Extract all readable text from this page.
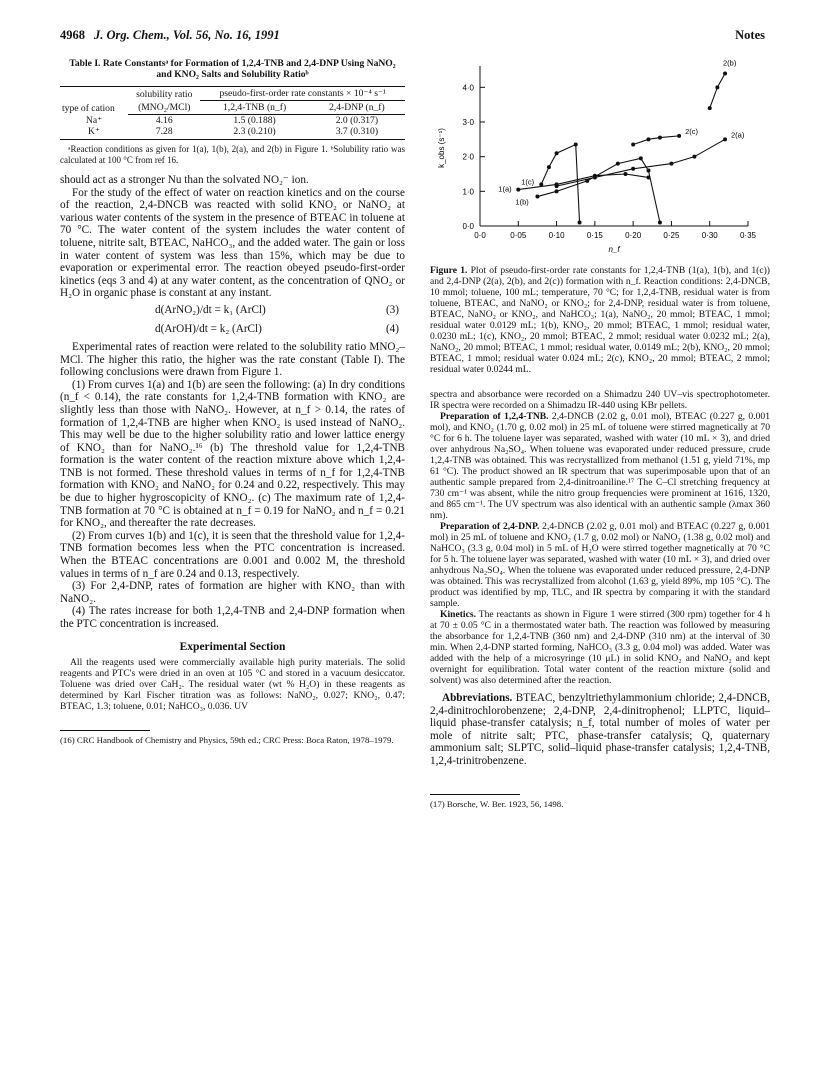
4968 J. Org. Chem., Vol. 56, No. 16, 1991	Notes
Table I. Rate Constantsᵃ for Formation of 1,2,4-TNB and 2,4-DNP Using NaNO₂ and KNO₂ Salts and Solubility Ratioᵇ
type of cation	solubility ratio	pseudo-first-order rate constants × 10⁻⁴ s⁻¹	
	(MNO₂/MCl)	1,2,4-TNB (n_f)	2,4-DNP (n_f)
Na⁺	4.16	1.5 (0.188)	2.0 (0.317)
K⁺	7.28	2.3 (0.210)	3.7 (0.310)

ᵃReaction conditions as given for 1(a), 1(b), 2(a), and 2(b) in Figure 1. ᵇSolubility ratio was calculated at 100 °C from ref 16.

should act as a stronger Nu than the solvated NO₂⁻ ion.

For the study of the effect of water on reaction kinetics and on the course of the reaction, 2,4-DNCB was reacted with solid KNO₂ or NaNO₂ at various water contents of the system in the presence of BTEAC in toluene at 70 °C. The water content of the system includes the water content of toluene, nitrite salt, BTEAC, NaHCO₃, and the added water. The gain or loss in water content of system was less than 15%, which may be due to evaporation or experimental error. The reaction obeyed pseudo-first-order kinetics (eqs 3 and 4) at any water content, as the concentration of QNO₂ or H₂O in organic phase is constant at any instant.

d(ArNO₂)/dt = k₁ (ArCl)	(3)
d(ArOH)/dt = k₂ (ArCl)	(4)

Experimental rates of reaction were related to the solubility ratio MNO₂–MCl. The higher this ratio, the higher was the rate constant (Table I). The following conclusions were drawn from Figure 1.

(1) From curves 1(a) and 1(b) are seen the following: (a) In dry conditions (n_f < 0.14), the rate constants for 1,2,4-TNB formation with KNO₂ are slightly less than those with NaNO₂. However, at n_f > 0.14, the rates of formation of 1,2,4-TNB are higher when KNO₂ is used instead of NaNO₂. This may well be due to the higher solubility ratio and lower lattice energy of KNO₂ than for NaNO₂.¹⁶ (b) The threshold value for 1,2,4-TNB formation is the water content of the reaction mixture above which 1,2,4-TNB is not formed. These threshold values in terms of n_f for 1,2,4-TNB formation with KNO₂ and NaNO₂ for 0.24 and 0.22, respectively. This may be due to higher hygroscopicity of KNO₂. (c) The maximum rate of 1,2,4-TNB formation at 70 °C is obtained at n_f = 0.19 for NaNO₂ and n_f = 0.21 for KNO₂, and thereafter the rate decreases.

(2) From curves 1(b) and 1(c), it is seen that the threshold value for 1,2,4-TNB formation becomes less when the PTC concentration is increased. When the BTEAC concentrations are 0.001 and 0.002 M, the threshold values in terms of n_f are 0.24 and 0.13, respectively.

(3) For 2,4-DNP, rates of formation are higher with KNO₂ than with NaNO₂.

(4) The rates increase for both 1,2,4-TNB and 2,4-DNP formation when the PTC concentration is increased.

Experimental Section

All the reagents used were commercially available high purity materials. The solid reagents and PTC's were dried in an oven at 105 °C and stored in a vacuum desiccator. Toluene was dried over CaH₂. The residual water (wt % H₂O) in these reagents as determined by Karl Fischer titration was as follows: NaNO₂, 0.027; KNO₂, 0.47; BTEAC, 1.3; toluene, 0.01; NaHCO₃, 0.036. UV

(16) CRC Handbook of Chemistry and Physics, 59th ed.; CRC Press: Boca Raton, 1978–1979.

0·0	0·05	0·10	0·15	0·20	0·25	0·30	0·35
0·0
1·0
2·0
3·0
4·0
n_f
k_obs (s⁻¹)
1(a)
1(b)
1(c)
2(a)
2(b)
2(c)

Figure 1. Plot of pseudo-first-order rate constants for 1,2,4-TNB (1(a), 1(b), and 1(c)) and 2,4-DNP (2(a), 2(b), and 2(c)) formation with n_f. Reaction conditions: 2,4-DNCB, 10 mmol; toluene, 100 mL; temperature, 70 °C; for 1,2,4-TNB, residual water is from toluene, BTEAC, and NaNO₂ or KNO₂; for 2,4-DNP, residual water is from toluene, BTEAC, NaNO₂ or KNO₂, and NaHCO₃; 1(a), NaNO₂, 20 mmol; BTEAC, 1 mmol; residual water 0.0129 mL; 1(b), KNO₂, 20 mmol; BTEAC, 1 mmol; residual water, 0.0230 mL; 1(c), KNO₂, 20 mmol; BTEAC, 2 mmol; residual water 0.0232 mL; 2(a), NaNO₂, 20 mmol; BTEAC, 1 mmol; residual water, 0.0149 mL; 2(b), KNO₂, 20 mmol; BTEAC, 1 mmol; residual water 0.024 mL; 2(c), KNO₂, 20 mmol; BTEAC, 2 mmol; residual water 0.0244 mL.

spectra and absorbance were recorded on a Shimadzu 240 UV–vis spectrophotometer. IR spectra were recorded on a Shimadzu IR-440 using KBr pellets.

Preparation of 1,2,4-TNB. 2,4-DNCB (2.02 g, 0.01 mol), BTEAC (0.227 g, 0.001 mol), and KNO₂ (1.70 g, 0.02 mol) in 25 mL of toluene were stirred magnetically at 70 °C for 6 h. The toluene layer was separated, washed with water (10 mL × 3), and dried over anhydrous Na₂SO₄. When toluene was evaporated under reduced pressure, crude 1,2,4-TNB was obtained. This was recrystallized from methanol (1.51 g, yield 71%, mp 61 °C). The product showed an IR spectrum that was superimposable upon that of an authentic sample prepared from 2,4-dinitroaniline.¹⁷ The C–Cl stretching frequency at 730 cm⁻¹ was absent, while the nitro group frequencies were prominent at 1616, 1320, and 865 cm⁻¹. The UV spectrum was also identical with an authentic sample (λmax 360 nm).

Preparation of 2,4-DNP. 2,4-DNCB (2.02 g, 0.01 mol) and BTEAC (0.227 g, 0.001 mol) in 25 mL of toluene and KNO₂ (1.7 g, 0.02 mol) or NaNO₂ (1.38 g, 0.02 mol) and NaHCO₃ (3.3 g, 0.04 mol) in 5 mL of H₂O were stirred together magnetically at 70 °C for 5 h. The toluene layer was separated, washed with water (10 mL × 3), and dried over anhydrous Na₂SO₄. When the toluene was evaporated under reduced pressure, 2,4-DNP was obtained. This was recrystallized from alcohol (1.63 g, yield 89%, mp 105 °C). The product was identified by mp, TLC, and IR spectra by comparing it with the standard sample.

Kinetics. The reactants as shown in Figure 1 were stirred (300 rpm) together for 4 h at 70 ± 0.05 °C in a thermostated water bath. The reaction was followed by measuring the absorbance for 1,2,4-TNB (360 nm) and 2,4-DNP (310 nm) at the interval of 30 min. When 2,4-DNP started forming, NaHCO₃ (3.3 g, 0.04 mol) was added. Water was added with the help of a microsyringe (10 μL) in solid KNO₂ and NaNO₂ and kept overnight for equilibration. Total water content of the reaction mixture (solid and solvent) was also determined after the reaction.

Abbreviations. BTEAC, benzyltriethylammonium chloride; 2,4-DNCB, 2,4-dinitrochlorobenzene; 2,4-DNP, 2,4-dinitrophenol; LLPTC, liquid–liquid phase-transfer catalysis; n_f, total number of moles of water per mole of nitrite salt; PTC, phase-transfer catalysis; Q, quaternary ammonium salt; SLPTC, solid–liquid phase-transfer catalysis; 1,2,4-TNB, 1,2,4-trinitrobenzene.

(17) Borsche, W. Ber. 1923, 56, 1498.
